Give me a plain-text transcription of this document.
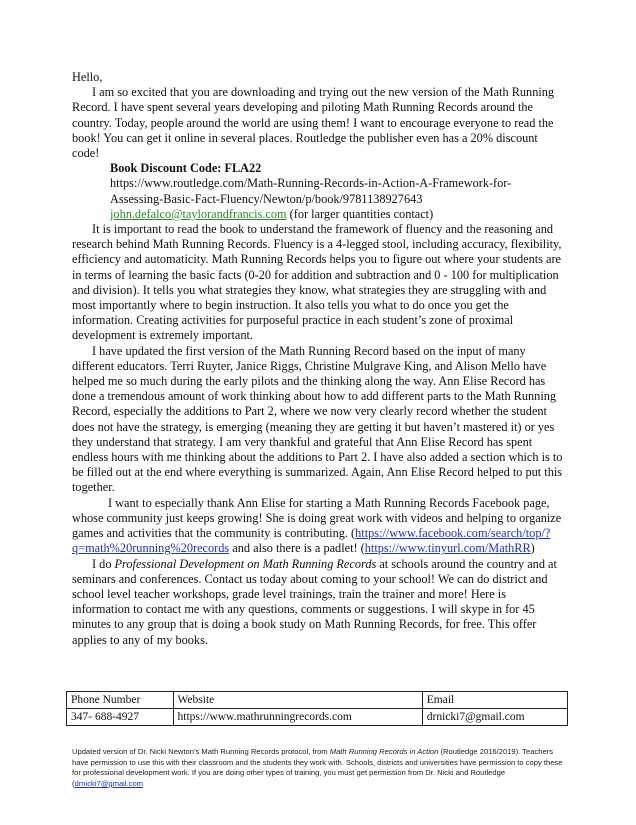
Hello,

I am so excited that you are downloading and trying out the new version of the Math Running Record. I have spent several years developing and piloting Math Running Records around the country. Today, people around the world are using them! I want to encourage everyone to read the book! You can get it online in several places. Routledge the publisher even has a 20% discount code!

Book Discount Code: FLA22

https://www.routledge.com/Math-Running-Records-in-Action-A-Framework-for-Assessing-Basic-Fact-Fluency/Newton/p/book/9781138927643

john.defalco@taylorandfrancis.com (for larger quantities contact)

It is important to read the book to understand the framework of fluency and the reasoning and research behind Math Running Records. Fluency is a 4-legged stool, including accuracy, flexibility, efficiency and automaticity. Math Running Records helps you to figure out where your students are in terms of learning the basic facts (0-20 for addition and subtraction and 0 - 100 for multiplication and division). It tells you what strategies they know, what strategies they are struggling with and most importantly where to begin instruction. It also tells you what to do once you get the information. Creating activities for purposeful practice in each student’s zone of proximal development is extremely important.

I have updated the first version of the Math Running Record based on the input of many different educators. Terri Ruyter, Janice Riggs, Christine Mulgrave King, and Alison Mello have helped me so much during the early pilots and the thinking along the way. Ann Elise Record has done a tremendous amount of work thinking about how to add different parts to the Math Running Record, especially the additions to Part 2, where we now very clearly record whether the student does not have the strategy, is emerging (meaning they are getting it but haven’t mastered it) or yes they understand that strategy. I am very thankful and grateful that Ann Elise Record has spent endless hours with me thinking about the additions to Part 2. I have also added a section which is to be filled out at the end where everything is summarized. Again, Ann Elise Record helped to put this together.

I want to especially thank Ann Elise for starting a Math Running Records Facebook page, whose community just keeps growing! She is doing great work with videos and helping to organize games and activities that the community is contributing. (https://www.facebook.com/search/top/?q=math%20running%20records and also there is a padlet! (https://www.tinyurl.com/MathRR)

I do Professional Development on Math Running Records at schools around the country and at seminars and conferences. Contact us today about coming to your school! We can do district and school level teacher workshops, grade level trainings, train the trainer and more! Here is information to contact me with any questions, comments or suggestions. I will skype in for 45 minutes to any group that is doing a book study on Math Running Records, for free. This offer applies to any of my books.

Phone Number	Website	Email
347- 688-4927	https://www.mathrunningrecords.com	drnicki7@gmail.com
Updated version of Dr. Nicki Newton’s Math Running Records protocol, from Math Running Records in Action (Routledge 2016/2019). Teachers have permission to use this with their classroom and the students they work with. Schools, districts and universities have permission to copy these for professional development work. If you are doing other types of training, you must get permission from Dr. Nicki and Routledge (drnicki7@gmail.com
